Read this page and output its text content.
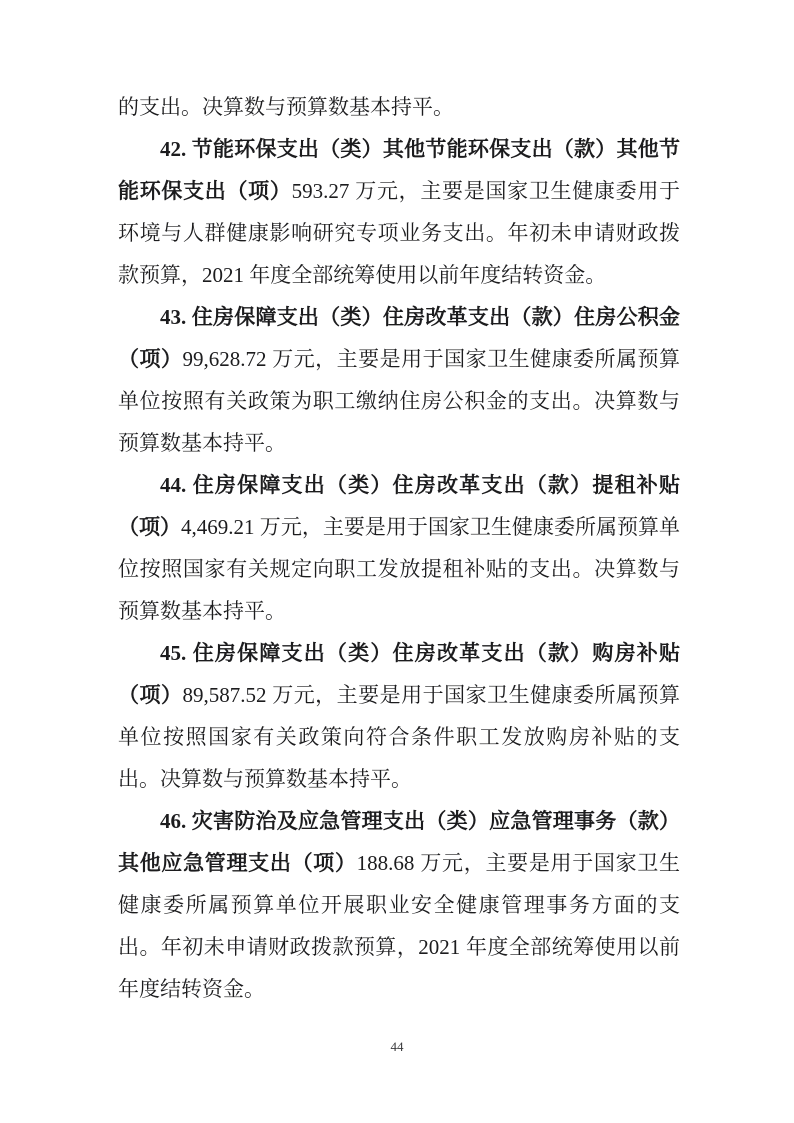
的支出。决算数与预算数基本持平。

42. 节能环保支出（类）其他节能环保支出（款）其他节能环保支出（项）593.27 万元，主要是国家卫生健康委用于环境与人群健康影响研究专项业务支出。年初未申请财政拨款预算，2021 年度全部统筹使用以前年度结转资金。

43. 住房保障支出（类）住房改革支出（款）住房公积金（项）99,628.72 万元，主要是用于国家卫生健康委所属预算单位按照有关政策为职工缴纳住房公积金的支出。决算数与预算数基本持平。

44. 住房保障支出（类）住房改革支出（款）提租补贴（项）4,469.21 万元，主要是用于国家卫生健康委所属预算单位按照国家有关规定向职工发放提租补贴的支出。决算数与预算数基本持平。

45. 住房保障支出（类）住房改革支出（款）购房补贴（项）89,587.52 万元，主要是用于国家卫生健康委所属预算单位按照国家有关政策向符合条件职工发放购房补贴的支出。决算数与预算数基本持平。

46. 灾害防治及应急管理支出（类）应急管理事务（款）其他应急管理支出（项）188.68 万元，主要是用于国家卫生健康委所属预算单位开展职业安全健康管理事务方面的支出。年初未申请财政拨款预算，2021 年度全部统筹使用以前年度结转资金。

44
